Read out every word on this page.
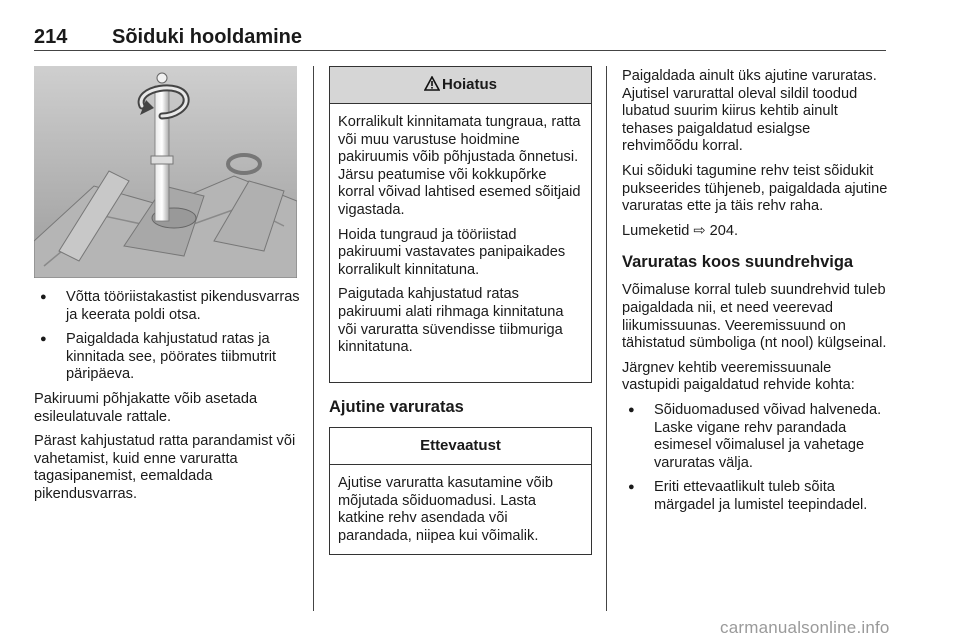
214 Sõiduki hooldamine
● Võtta tööriistakastist pikendusvarras ja keerata poldi otsa.
● Paigaldada kahjustatud ratas ja kinnitada see, pöörates tiibmutrit päripäeva.

Pakiruumi põhjakatte võib asetada esileulatuvale rattale.

Pärast kahjustatud ratta parandamist või vahetamist, kuid enne varuratta tagasipanemist, eemaldada pikendusvarras.

Hoiatus

Korralikult kinnitamata tungraua, ratta või muu varustuse hoidmine pakiruumis võib põhjustada õnnetusi. Järsu peatumise või kokkupõrke korral võivad lahtised esemed sõitjaid vigastada.

Hoida tungraud ja tööriistad pakiruumi vastavates panipaikades korralikult kinnitatuna.

Paigutada kahjustatud ratas pakiruumi alati rihmaga kinnitatuna või varuratta süvendisse tiibmuriga kinnitatuna.

Ajutine varuratas
Ettevaatust

Ajutise varuratta kasutamine võib mõjutada sõiduomadusi. Lasta katkine rehv asendada või parandada, niipea kui võimalik.

Paigaldada ainult üks ajutine varuratas. Ajutisel varurattal oleval sildil toodud lubatud suurim kiirus kehtib ainult tehases paigaldatud esialgse rehvimõõdu korral.

Kui sõiduki tagumine rehv teist sõidukit pukseerides tühjeneb, paigaldada ajutine varuratas ette ja täis rehv raha.

Lumeketid ⇨ 204.

Varuratas koos suundrehviga

Võimaluse korral tuleb suundrehvid tuleb paigaldada nii, et need veerevad liikumissuunas. Veeremissuund on tähistatud sümboliga (nt nool) külgseinal.

Järgnev kehtib veeremissuunale vastupidi paigaldatud rehvide kohta:

● Sõiduomadused võivad halveneda. Laske vigane rehv parandada esimesel võimalusel ja vahetage varuratas välja.
● Eriti ettevaatlikult tuleb sõita märgadel ja lumistel teepindadel.
carmanualsonline.info
